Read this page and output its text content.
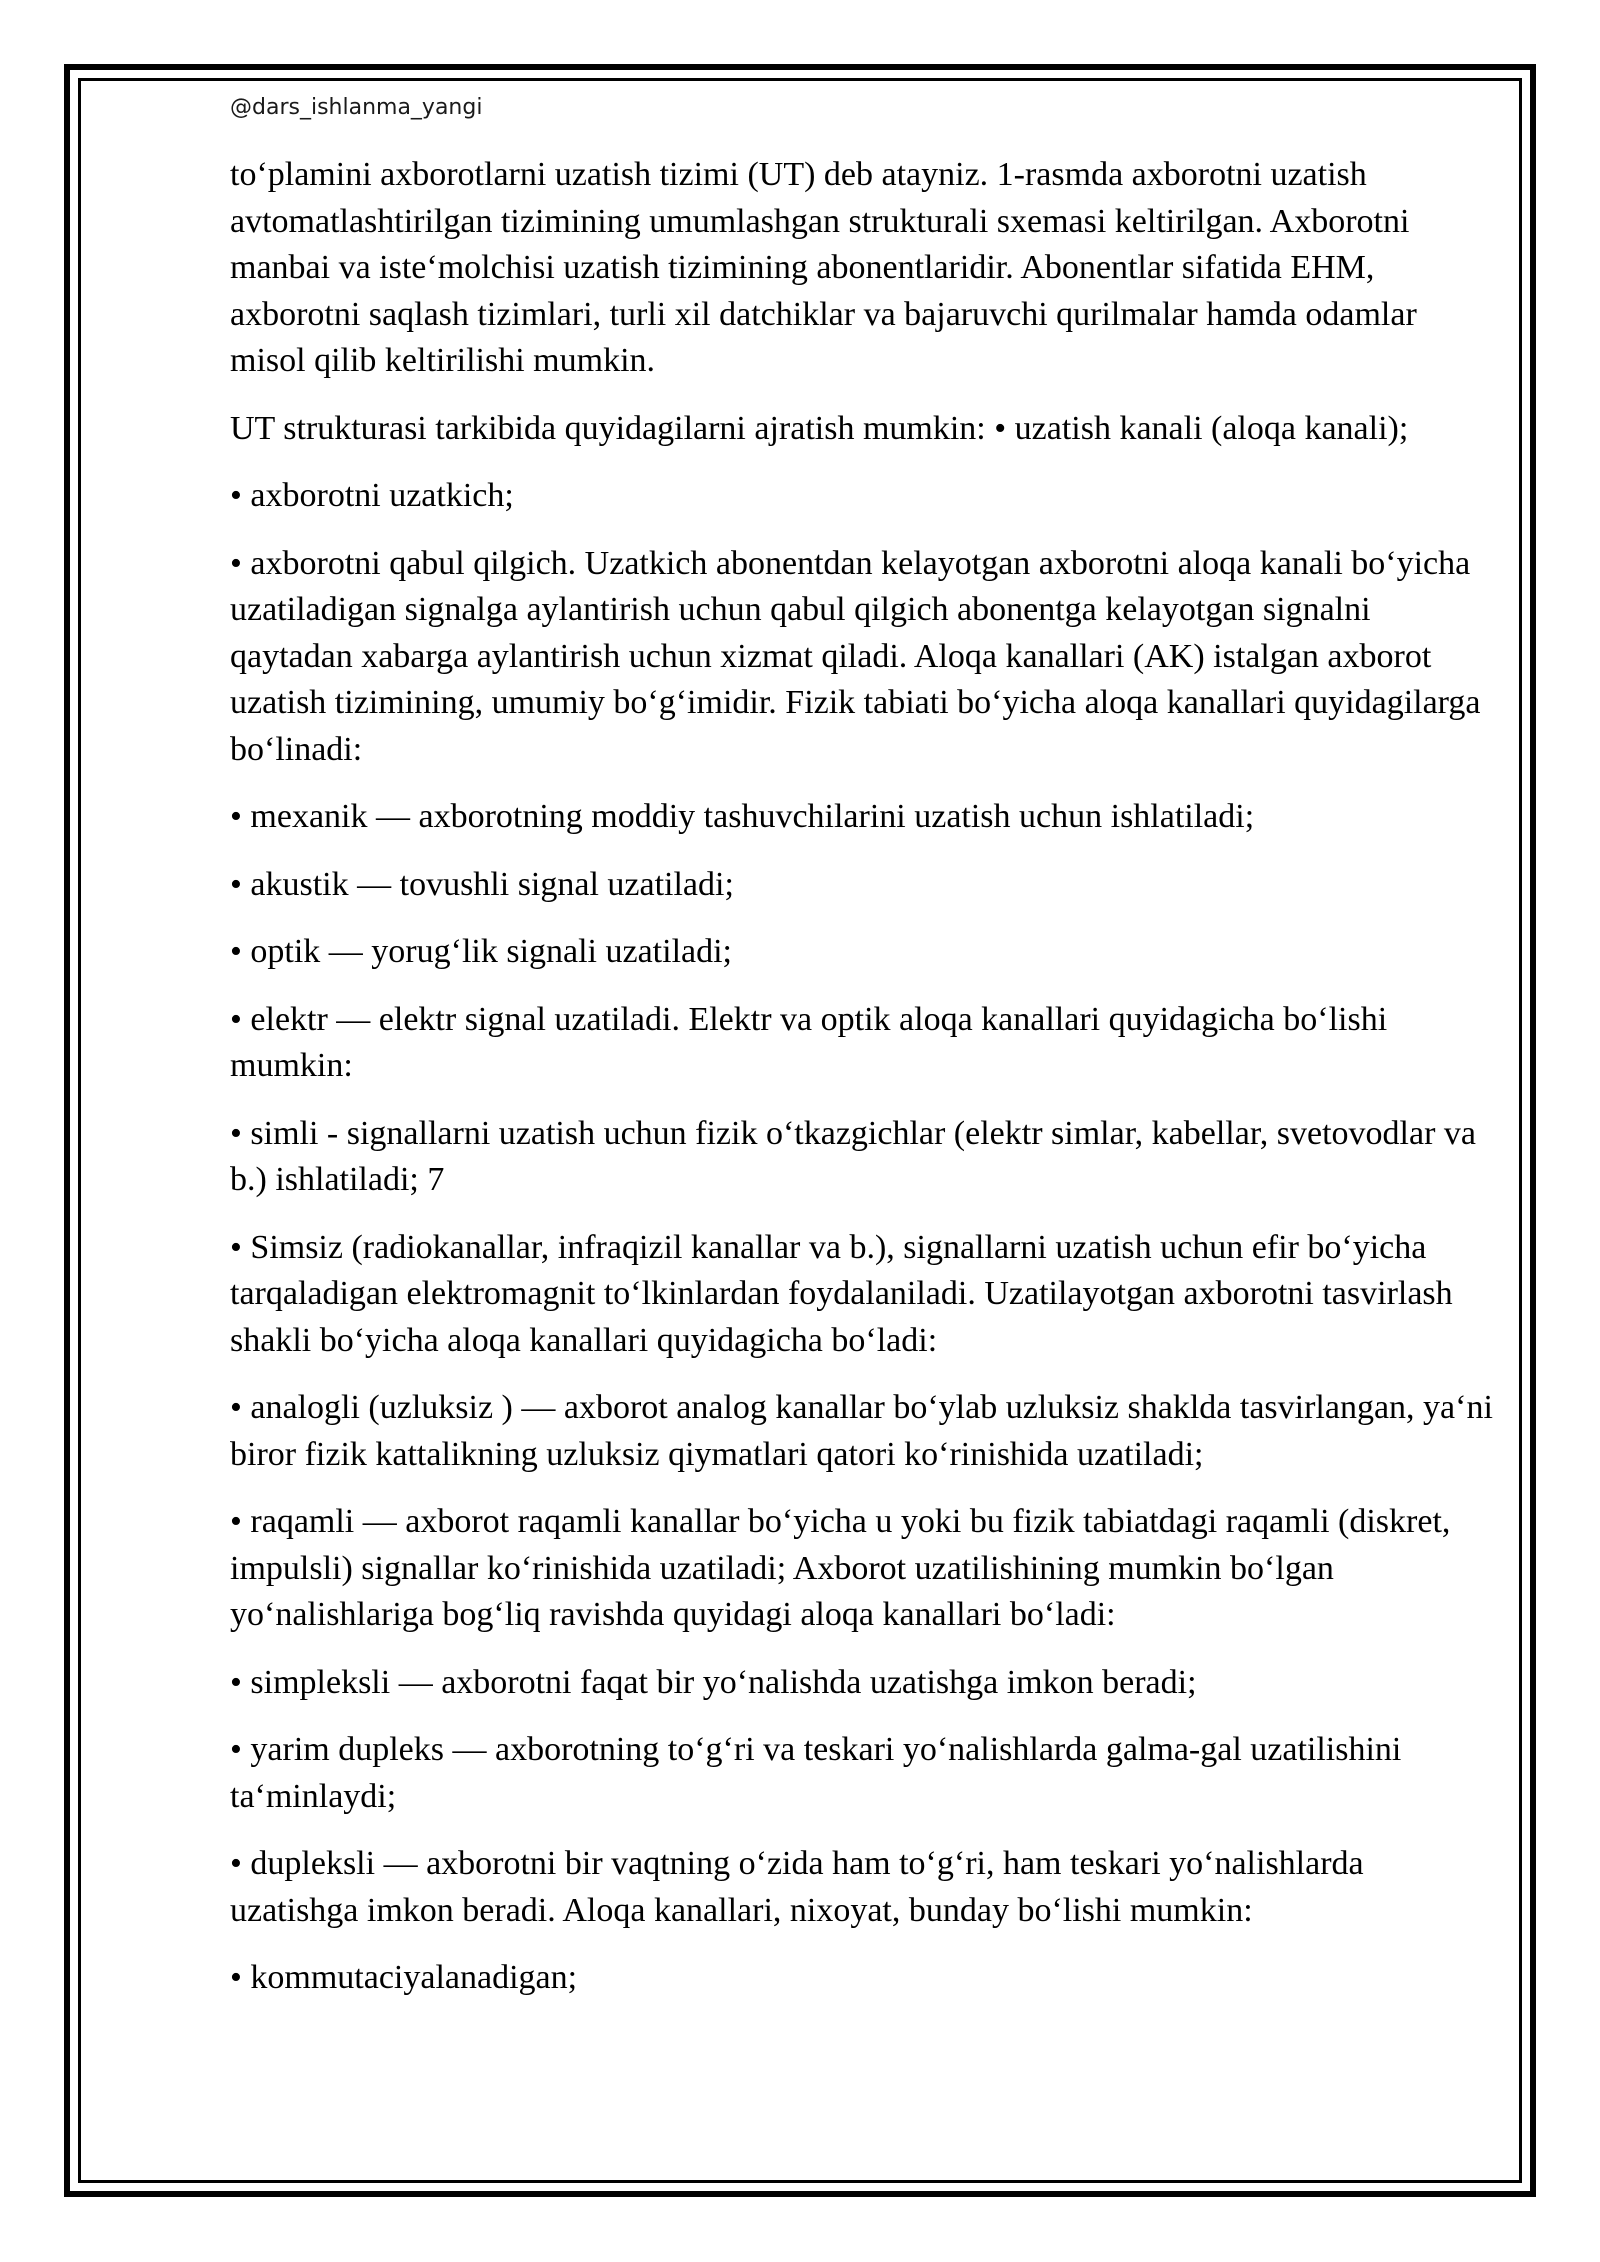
@dars_ishlanma_yangi

to‘plamini axborotlarni uzatish tizimi (UT) deb atayniz. 1-rasmda axborotni uzatish avtomatlashtirilgan tizimining umumlashgan strukturali sxemasi keltirilgan. Axborotni manbai va iste‘molchisi uzatish tizimining abonentlaridir. Abonentlar sifatida EHM, axborotni saqlash tizimlari, turli xil datchiklar va bajaruvchi qurilmalar hamda odamlar misol qilib keltirilishi mumkin.

UT strukturasi tarkibida quyidagilarni ajratish mumkin: • uzatish kanali (aloqa kanali);

• axborotni uzatkich;

• axborotni qabul qilgich. Uzatkich abonentdan kelayotgan axborotni aloqa kanali bo‘yicha uzatiladigan signalga aylantirish uchun qabul qilgich abonentga kelayotgan signalni qaytadan xabarga aylantirish uchun xizmat qiladi. Aloqa kanallari (AK) istalgan axborot uzatish tizimining, umumiy bo‘g‘imidir. Fizik tabiati bo‘yicha aloqa kanallari quyidagilarga bo‘linadi:

• mexanik — axborotning moddiy tashuvchilarini uzatish uchun ishlatiladi;

• akustik — tovushli signal uzatiladi;

• optik — yorug‘lik signali uzatiladi;

• elektr — elektr signal uzatiladi. Elektr va optik aloqa kanallari quyidagicha bo‘lishi mumkin:

• simli - signallarni uzatish uchun fizik o‘tkazgichlar (elektr simlar, kabellar, svetovodlar va b.) ishlatiladi; 7

• Simsiz (radiokanallar, infraqizil kanallar va b.), signallarni uzatish uchun efir bo‘yicha tarqaladigan elektromagnit to‘lkinlardan foydalaniladi. Uzatilayotgan axborotni tasvirlash shakli bo‘yicha aloqa kanallari quyidagicha bo‘ladi:

• analogli (uzluksiz ) — axborot analog kanallar bo‘ylab uzluksiz shaklda tasvirlangan, ya‘ni biror fizik kattalikning uzluksiz qiymatlari qatori ko‘rinishida uzatiladi;

• raqamli — axborot raqamli kanallar bo‘yicha u yoki bu fizik tabiatdagi raqamli (diskret, impulsli) signallar ko‘rinishida uzatiladi; Axborot uzatilishining mumkin bo‘lgan yo‘nalishlariga bog‘liq ravishda quyidagi aloqa kanallari bo‘ladi:

• simpleksli — axborotni faqat bir yo‘nalishda uzatishga imkon beradi;

• yarim dupleks — axborotning to‘g‘ri va teskari yo‘nalishlarda galma-gal uzatilishini ta‘minlaydi;

• dupleksli — axborotni bir vaqtning o‘zida ham to‘g‘ri, ham teskari yo‘nalishlarda uzatishga imkon beradi. Aloqa kanallari, nixoyat, bunday bo‘lishi mumkin:

• kommutaciyalanadigan;
